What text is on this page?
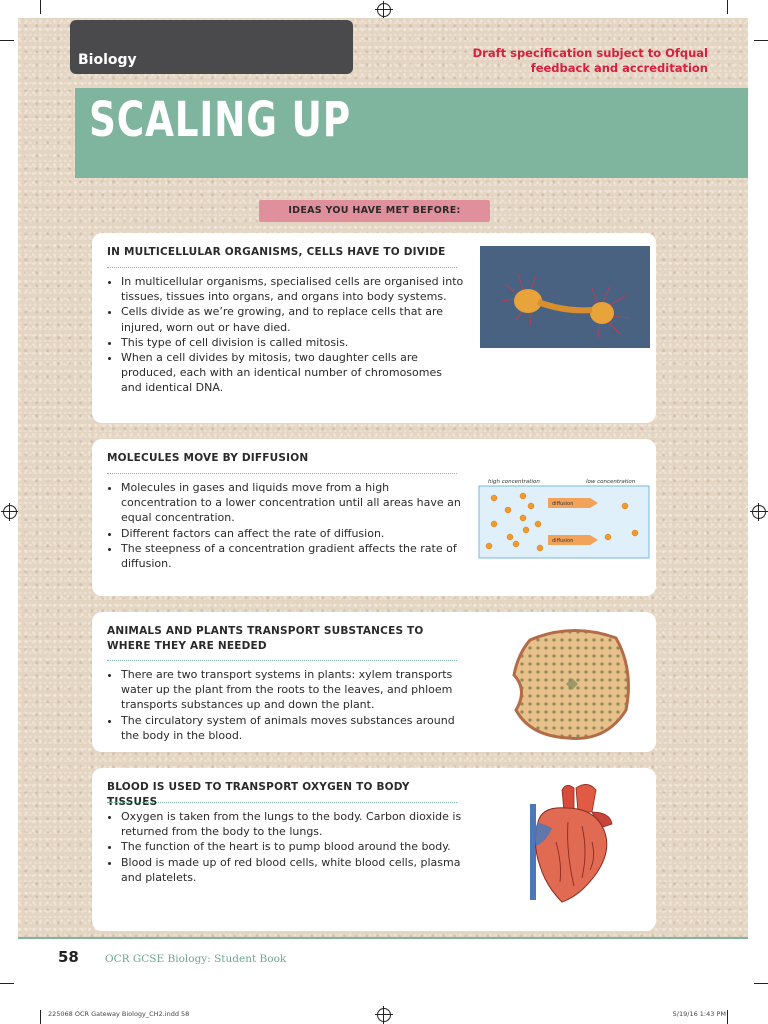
Biology	Draft specification subject to Ofqual
feedback and accreditation
SCALING UP
IDEAS YOU HAVE MET BEFORE:
IN MULTICELLULAR ORGANISMS, CELLS HAVE TO DIVIDE
• In multicellular organisms, specialised cells are organised into tissues, tissues into organs, and organs into body systems.
• Cells divide as we’re growing, and to replace cells that are injured, worn out or have died.
• This type of cell division is called mitosis.
• When a cell divides by mitosis, two daughter cells are produced, each with an identical number of chromosomes and identical DNA.
MOLECULES MOVE BY DIFFUSION
• Molecules in gases and liquids move from a high concentration to a lower concentration until all areas have an equal concentration.
• Different factors can affect the rate of diffusion.
• The steepness of a concentration gradient affects the rate of diffusion.
high concentration	low concentration
diffusion
diffusion
ANIMALS AND PLANTS TRANSPORT SUBSTANCES TO WHERE THEY ARE NEEDED
• There are two transport systems in plants: xylem transports water up the plant from the roots to the leaves, and phloem transports substances up and down the plant.
• The circulatory system of animals moves substances around the body in the blood.
BLOOD IS USED TO TRANSPORT OXYGEN TO BODY TISSUES
• Oxygen is taken from the lungs to the body. Carbon dioxide is returned from the body to the lungs.
• The function of the heart is to pump blood around the body.
• Blood is made up of red blood cells, white blood cells, plasma and platelets.
58 OCR GCSE Biology: Student Book
225068 OCR Gateway Biology_CH2.indd 58	5/19/16 1:43 PM
